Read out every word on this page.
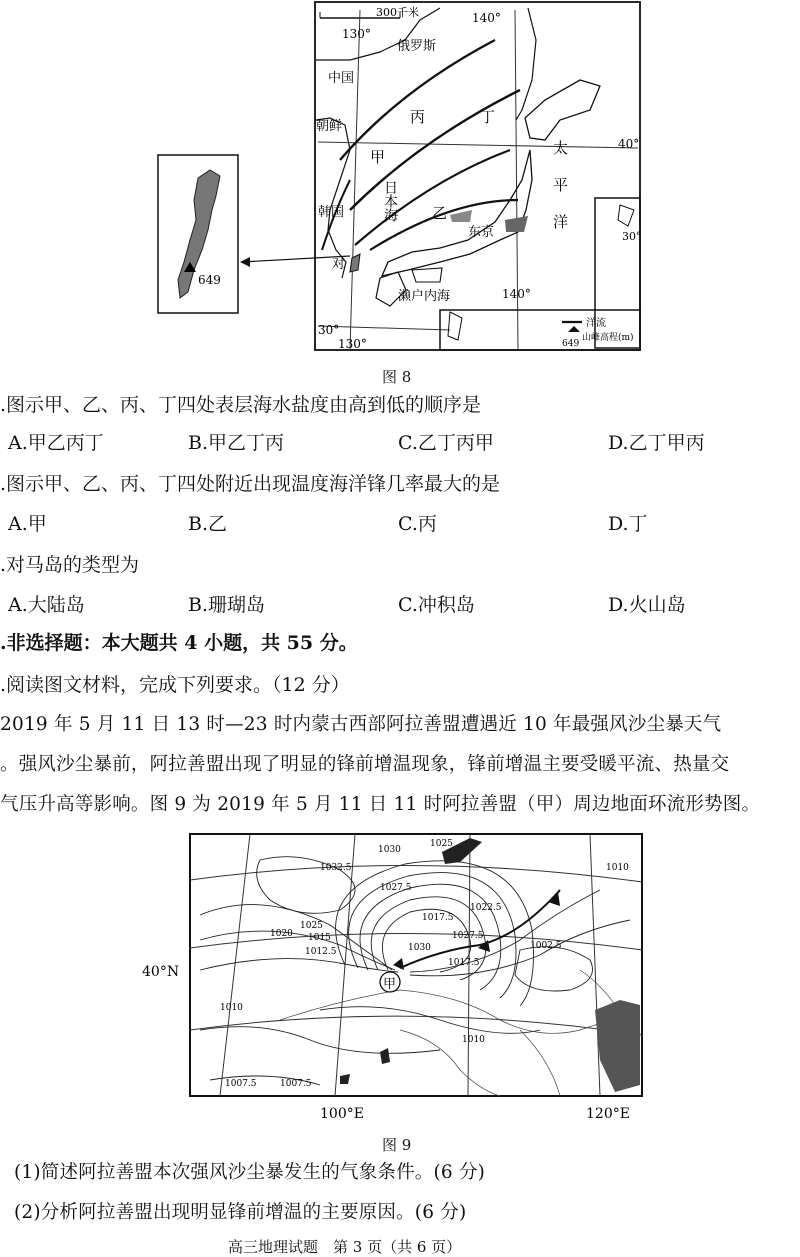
649
300千米
130°
130°
140°
140°
40°
30°
俄罗斯
中国
朝鲜
韩国
对
日本海
甲
乙
丙	丁
东京
濑户内海
太平洋	30°
洋流
山峰高程(m)
649
图 8
.图示甲、乙、丙、丁四处表层海水盐度由高到低的顺序是
A.甲乙丙丁	B.甲乙丁丙	C.乙丁丙甲	D.乙丁甲丙
.图示甲、乙、丙、丁四处附近出现温度海洋锋几率最大的是
A.甲	B.乙	C.丙	D.丁
.对马岛的类型为
A.大陆岛	B.珊瑚岛	C.冲积岛	D.火山岛
.非选择题：本大题共 4 小题，共 55 分。
.阅读图文材料，完成下列要求。（12 分）
2019 年 5 月 11 日 13 时—23 时内蒙古西部阿拉善盟遭遇近 10 年最强风沙尘暴天气
。强风沙尘暴前，阿拉善盟出现了明显的锋前增温现象，锋前增温主要受暖平流、热量交
气压升高等影响。图 9 为 2019 年 5 月 11 日 11 时阿拉善盟（甲）周边地面环流形势图。
甲
1030
1032.5
1025
1020 1015
1012.5
1017.5
1022.5
1027.5
1030
1010
1007.5	1007.5
1017.5
1025
1027.5
1010
1002.5
1010
40°N
100°E	120°E
图 9
(1)简述阿拉善盟本次强风沙尘暴发生的气象条件。(6 分)
(2)分析阿拉善盟出现明显锋前增温的主要原因。(6 分)
高三地理试题　第 3 页（共 6 页）
